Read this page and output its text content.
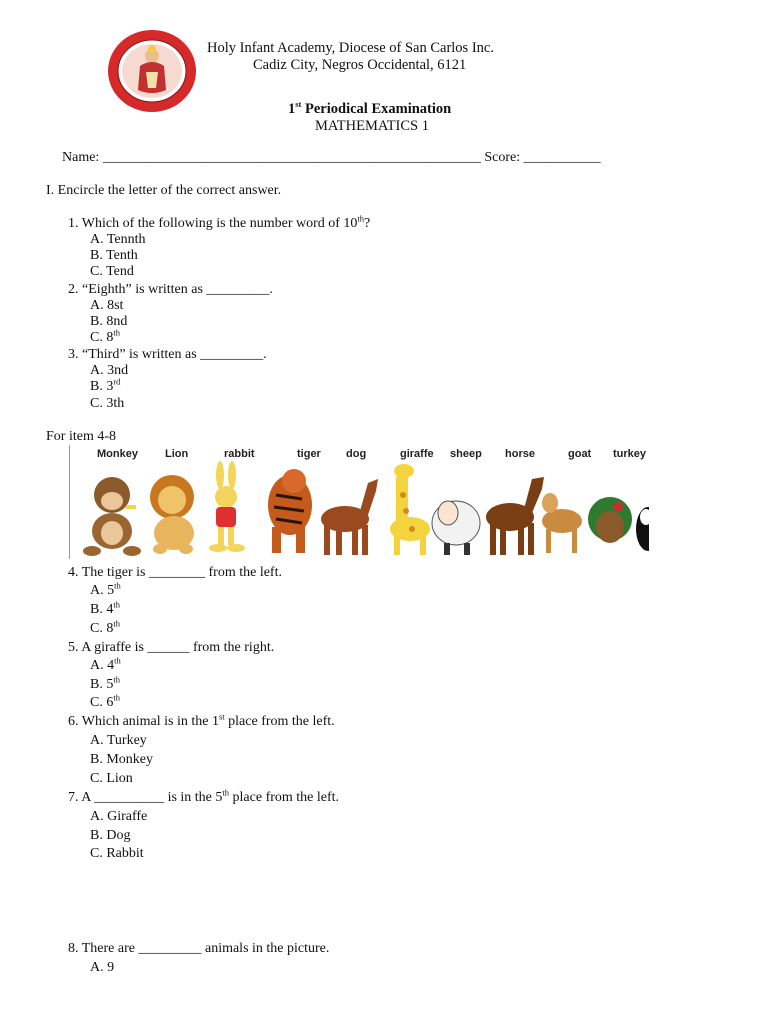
Holy Infant Academy, Diocese of San Carlos Inc.
Cadiz City, Negros Occidental, 6121
1st Periodical Examination
MATHEMATICS 1
Name: ______________________________________________________ Score: ___________
I. Encircle the letter of the correct answer.
1. Which of the following is the number word of 10th?
A. Tennth
B. Tenth
C. Tend
2. “Eighth” is written as _________.
A. 8st
B. 8nd
C. 8th
3. “Third” is written as _________.
A. 3nd
B. 3rd
C. 3th
For item 4-8
Monkey Lion	rabbit	tiger dog	giraffe sheep horse	goat turkey
4. The tiger is ________ from the left.
A. 5th
B. 4th
C. 8th
5. A giraffe is ______ from the right.
A. 4th
B. 5th
C. 6th
6. Which animal is in the 1st place from the left.
A. Turkey
B. Monkey
C. Lion
7. A __________ is in the 5th place from the left.
A. Giraffe
B. Dog
C. Rabbit
8. There are _________ animals in the picture.
A. 9
